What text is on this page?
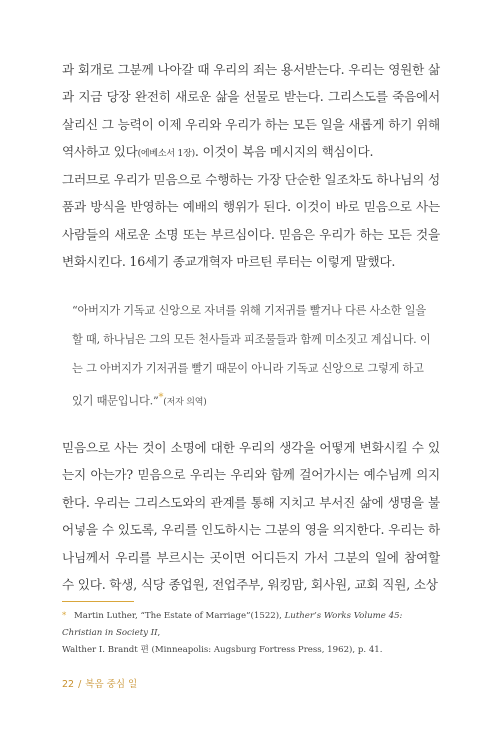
과 회개로 그분께 나아갈 때 우리의 죄는 용서받는다. 우리는 영원한 삶과 지금 당장 완전히 새로운 삶을 선물로 받는다. 그리스도를 죽음에서 살리신 그 능력이 이제 우리와 우리가 하는 모든 일을 새롭게 하기 위해 역사하고 있다(에베소서 1장). 이것이 복음 메시지의 핵심이다.

그러므로 우리가 믿음으로 수행하는 가장 단순한 일조차도 하나님의 성품과 방식을 반영하는 예배의 행위가 된다. 이것이 바로 믿음으로 사는 사람들의 새로운 소명 또는 부르심이다. 믿음은 우리가 하는 모든 것을 변화시킨다. 16세기 종교개혁자 마르틴 루터는 이렇게 말했다.

“아버지가 기독교 신앙으로 자녀를 위해 기저귀를 빨거나 다른 사소한 일을 할 때, 하나님은 그의 모든 천사들과 피조물들과 함께 미소짓고 계십니다. 이는 그 아버지가 기저귀를 빨기 때문이 아니라 기독교 신앙으로 그렇게 하고 있기 때문입니다.”*(저자 의역)

믿음으로 사는 것이 소명에 대한 우리의 생각을 어떻게 변화시킬 수 있는지 아는가? 믿음으로 우리는 우리와 함께 걸어가시는 예수님께 의지한다. 우리는 그리스도와의 관계를 통해 지치고 부서진 삶에 생명을 불어넣을 수 있도록, 우리를 인도하시는 그분의 영을 의지한다. 우리는 하나님께서 우리를 부르시는 곳이면 어디든지 가서 그분의 일에 참여할 수 있다. 학생, 식당 종업원, 전업주부, 워킹맘, 회사원, 교회 직원, 소상

* Martin Luther, “The Estate of Marriage”(1522), Luther’s Works Volume 45: Christian in Society II,
Walther I. Brandt 편 (Minneapolis: Augsburg Fortress Press, 1962), p. 41.

22 / 복음 중심 일
